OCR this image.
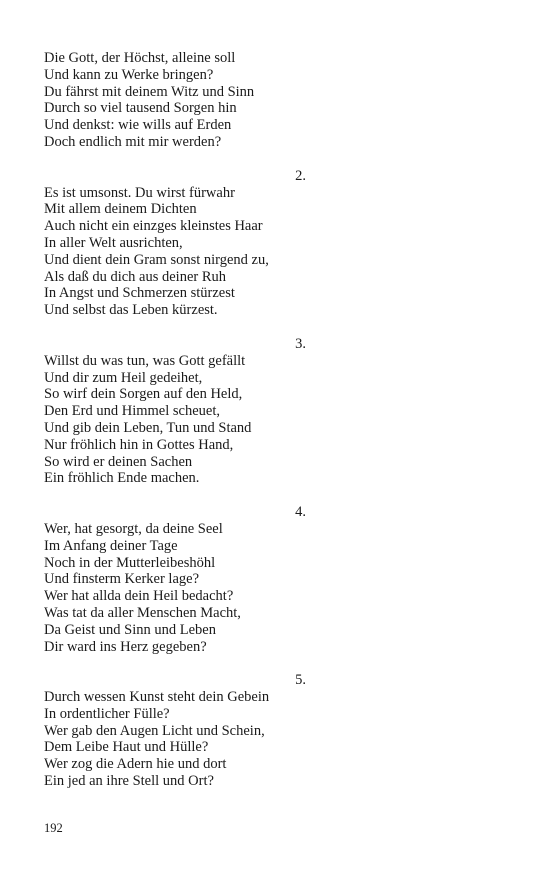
Die Gott, der Höchst, alleine soll
Und kann zu Werke bringen?
Du fährst mit deinem Witz und Sinn
Durch so viel tausend Sorgen hin
Und denkst: wie wills auf Erden
Doch endlich mit mir werden?
2.
Es ist umsonst. Du wirst fürwahr
Mit allem deinem Dichten
Auch nicht ein einzges kleinstes Haar
In aller Welt ausrichten,
Und dient dein Gram sonst nirgend zu,
Als daß du dich aus deiner Ruh
In Angst und Schmerzen stürzest
Und selbst das Leben kürzest.
3.
Willst du was tun, was Gott gefällt
Und dir zum Heil gedeihet,
So wirf dein Sorgen auf den Held,
Den Erd und Himmel scheuet,
Und gib dein Leben, Tun und Stand
Nur fröhlich hin in Gottes Hand,
So wird er deinen Sachen
Ein fröhlich Ende machen.
4.
Wer, hat gesorgt, da deine Seel
Im Anfang deiner Tage
Noch in der Mutterleibeshöhl
Und finsterm Kerker lage?
Wer hat allda dein Heil bedacht?
Was tat da aller Menschen Macht,
Da Geist und Sinn und Leben
Dir ward ins Herz gegeben?
5.
Durch wessen Kunst steht dein Gebein
In ordentlicher Fülle?
Wer gab den Augen Licht und Schein,
Dem Leibe Haut und Hülle?
Wer zog die Adern hie und dort
Ein jed an ihre Stell und Ort?
192
